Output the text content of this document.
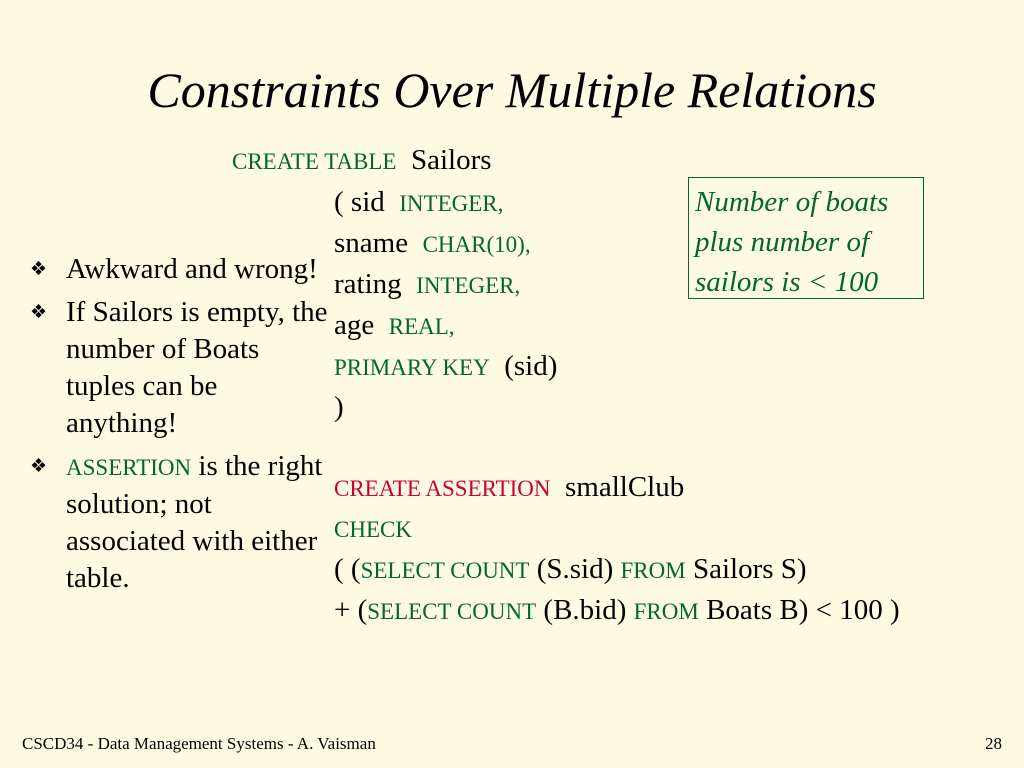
Constraints Over Multiple Relations
❖ Awkward and wrong!
❖ If Sailors is empty, the number of Boats tuples can be anything!
❖ ASSERTION is the right solution; not associated with either table.
CREATE TABLE Sailors
( sid INTEGER,
sname CHAR(10),
rating INTEGER,
age REAL,
PRIMARY KEY (sid)
)
Number of boats plus number of sailors is < 100
CREATE ASSERTION smallClub
CHECK
( (SELECT COUNT (S.sid) FROM Sailors S)
+ (SELECT COUNT (B.bid) FROM Boats B) < 100 )
CSCD34 - Data Management Systems - A. Vaisman	28
